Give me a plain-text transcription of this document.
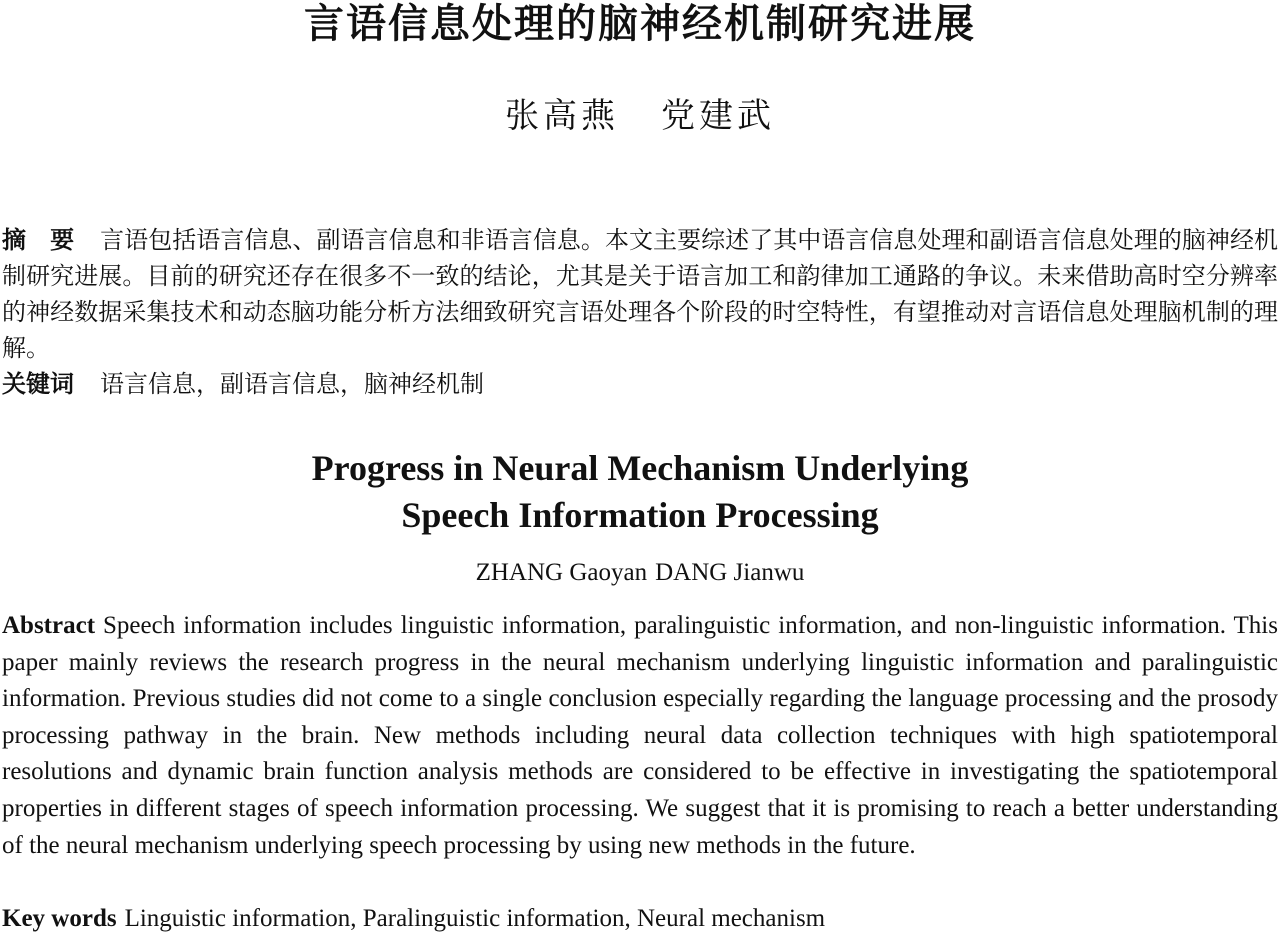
言语信息处理的脑神经机制研究进展
张高燕 党建武

摘　要 言语包括语言信息、副语言信息和非语言信息。本文主要综述了其中语言信息处理和副语言信息处理的脑神经机制研究进展。目前的研究还存在很多不一致的结论，尤其是关于语言加工和韵律加工通路的争议。未来借助高时空分辨率的神经数据采集技术和动态脑功能分析方法细致研究言语处理各个阶段的时空特性，有望推动对言语信息处理脑机制的理解。

关键词 语言信息，副语言信息，脑神经机制

Progress in Neural Mechanism Underlying
Speech Information Processing
ZHANG Gaoyan DANG Jianwu

Abstract Speech information includes linguistic information, paralinguistic information, and non-linguistic information. This paper mainly reviews the research progress in the neural mechanism underlying linguistic information and paralinguistic information. Previous studies did not come to a single conclusion especially regarding the language processing and the prosody processing pathway in the brain. New methods including neural data collection techniques with high spatiotemporal resolutions and dynamic brain function analysis methods are considered to be effective in investigating the spatiotemporal properties in different stages of speech information processing. We suggest that it is promising to reach a better understanding of the neural mechanism underlying speech processing by using new methods in the future.

Key words Linguistic information, Paralinguistic information, Neural mechanism
